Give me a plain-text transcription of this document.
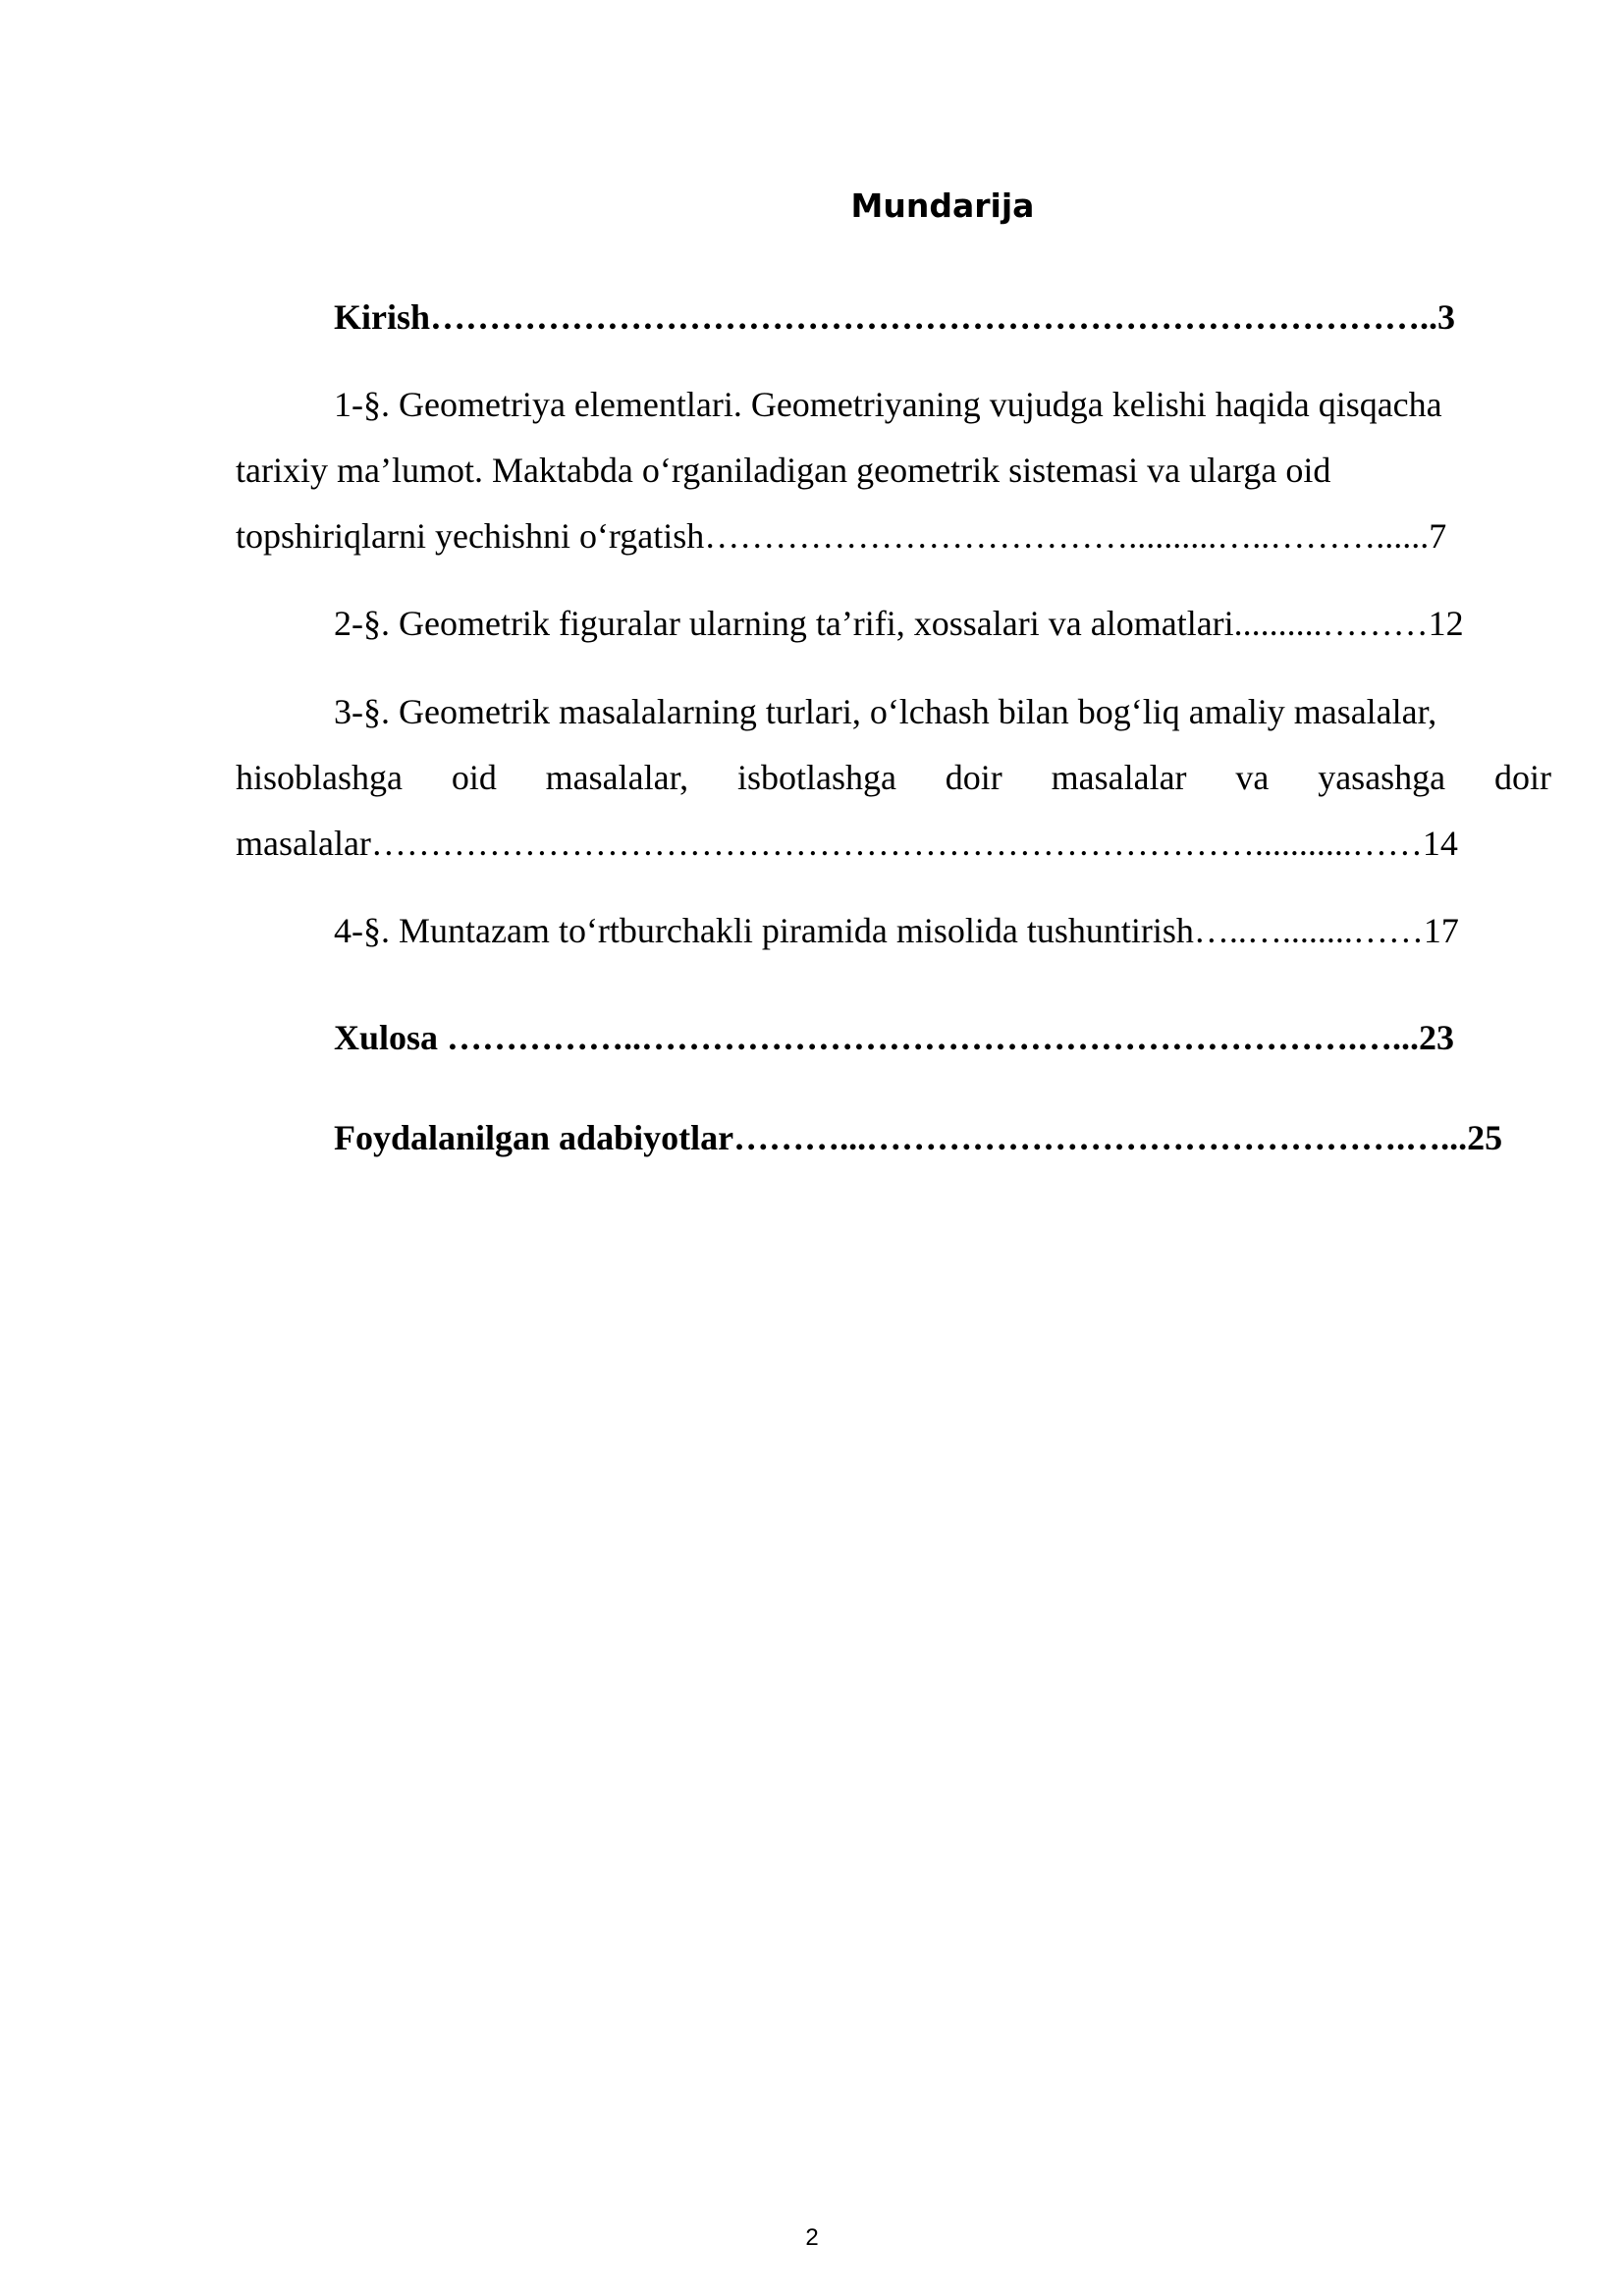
Mundarija
Kirish…………………………………………………………………………..3
1-§. Geometriya elementlari. Geometriyaning vujudga kelishi haqida qisqacha
tarixiy ma’lumot. Maktabda o‘rganiladigan geometrik sistemasi va ularga oid
topshiriqlarni yechishni o‘rgatish………………………………..........…..………......7
2-§. Geometrik figuralar ularning ta’rifi, xossalari va alomatlari..........………12
3-§. Geometrik masalalarning turlari, o‘lchash bilan bog‘liq amaliy masalalar,
hisoblashga oid masalalar, isbotlashga doir masalalar va yasashga doir
masalalar…………………………………………………………………...........……14
4-§. Muntazam to‘rtburchakli piramida misolida tushuntirish…..…........……17
Xulosa ……………..…………………………………………………….…...23
Foydalanilgan adabiyotlar………...……………………………………….…...25
2
